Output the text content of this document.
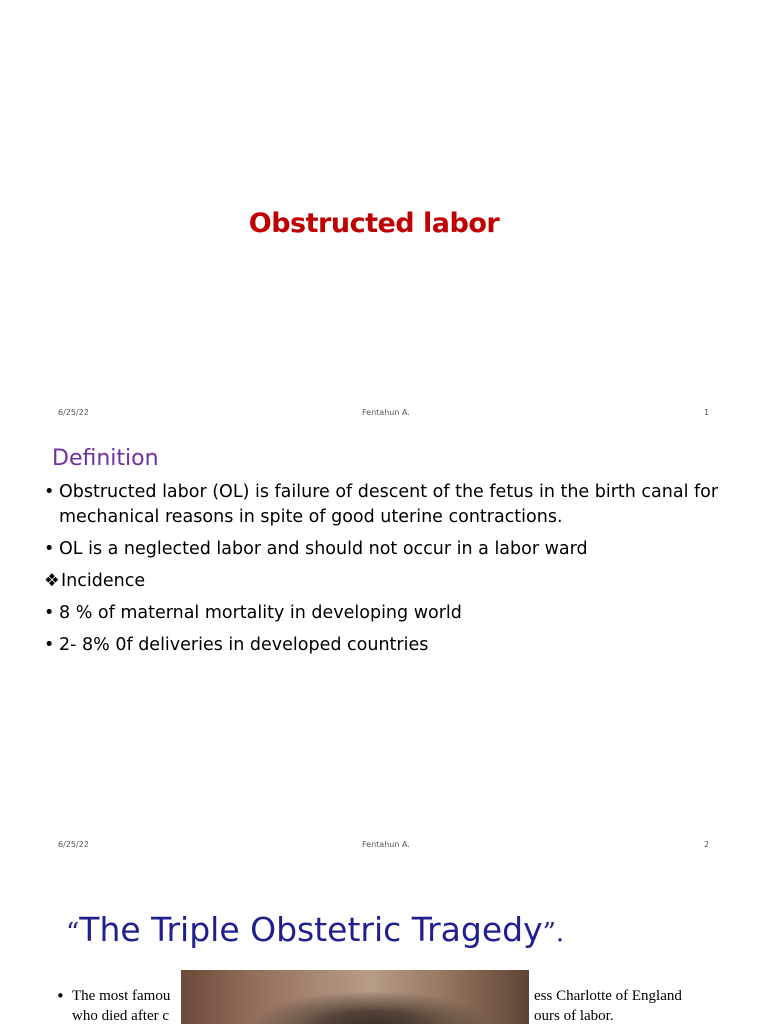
Obstructed labor
6/25/22	Fentahun A.	1
Definition
• Obstructed labor (OL) is failure of descent of the fetus in the birth canal for mechanical reasons in spite of good uterine contractions.
• OL is a neglected labor and should not occur in a labor ward
❖ Incidence
• 8 % of maternal mortality in developing world
• 2- 8% 0f deliveries in developed countries
6/25/22	Fentahun A.	2
“The Triple Obstetric Tragedy”.
• The most famou	ess Charlotte of England
who died after c	ours of labor.
